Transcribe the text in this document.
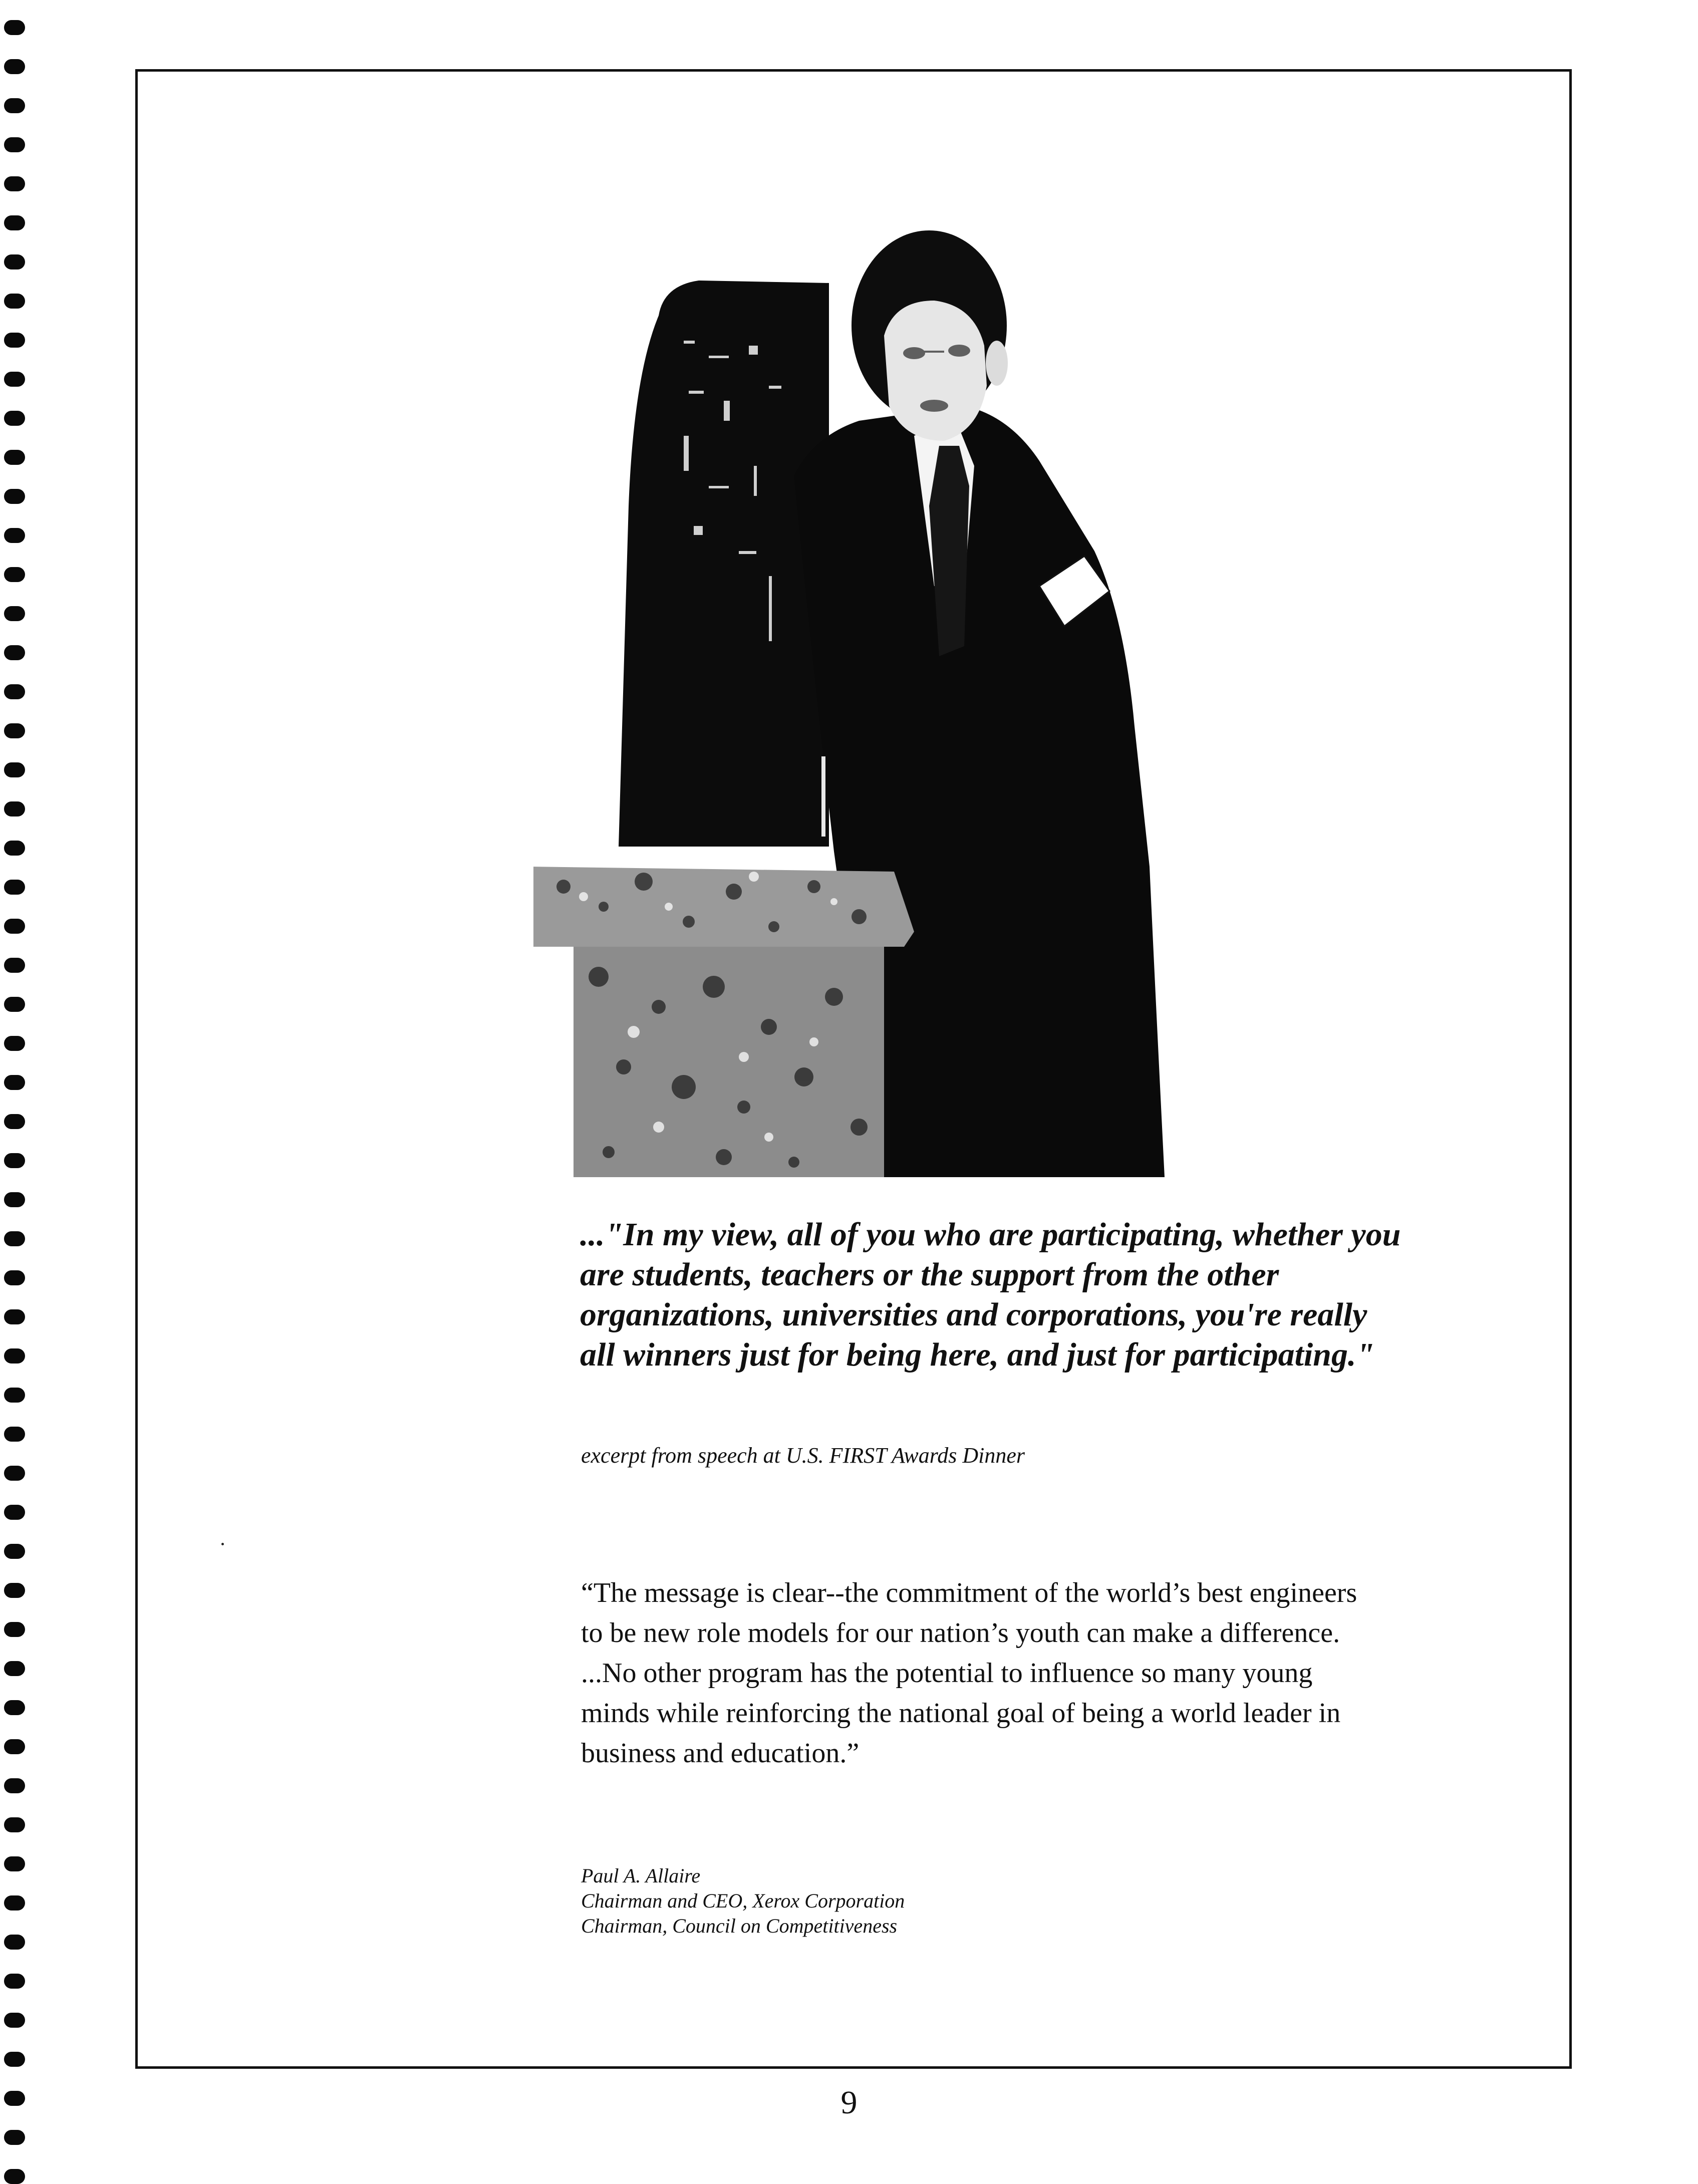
..."In my view, all of you who are participating, whether you are students, teachers or the support from the other organizations, universities and corporations, you're really all winners just for being here, and just for participating."

excerpt from speech at U.S. FIRST Awards Dinner

“The message is clear--the commitment of the world’s best engineers to be new role models for our nation’s youth can make a difference. ...No other program has the potential to influence so many young minds while reinforcing the national goal of being a world leader in business and education.”

Paul A. Allaire
Chairman and CEO, Xerox Corporation
Chairman, Council on Competitiveness
9
